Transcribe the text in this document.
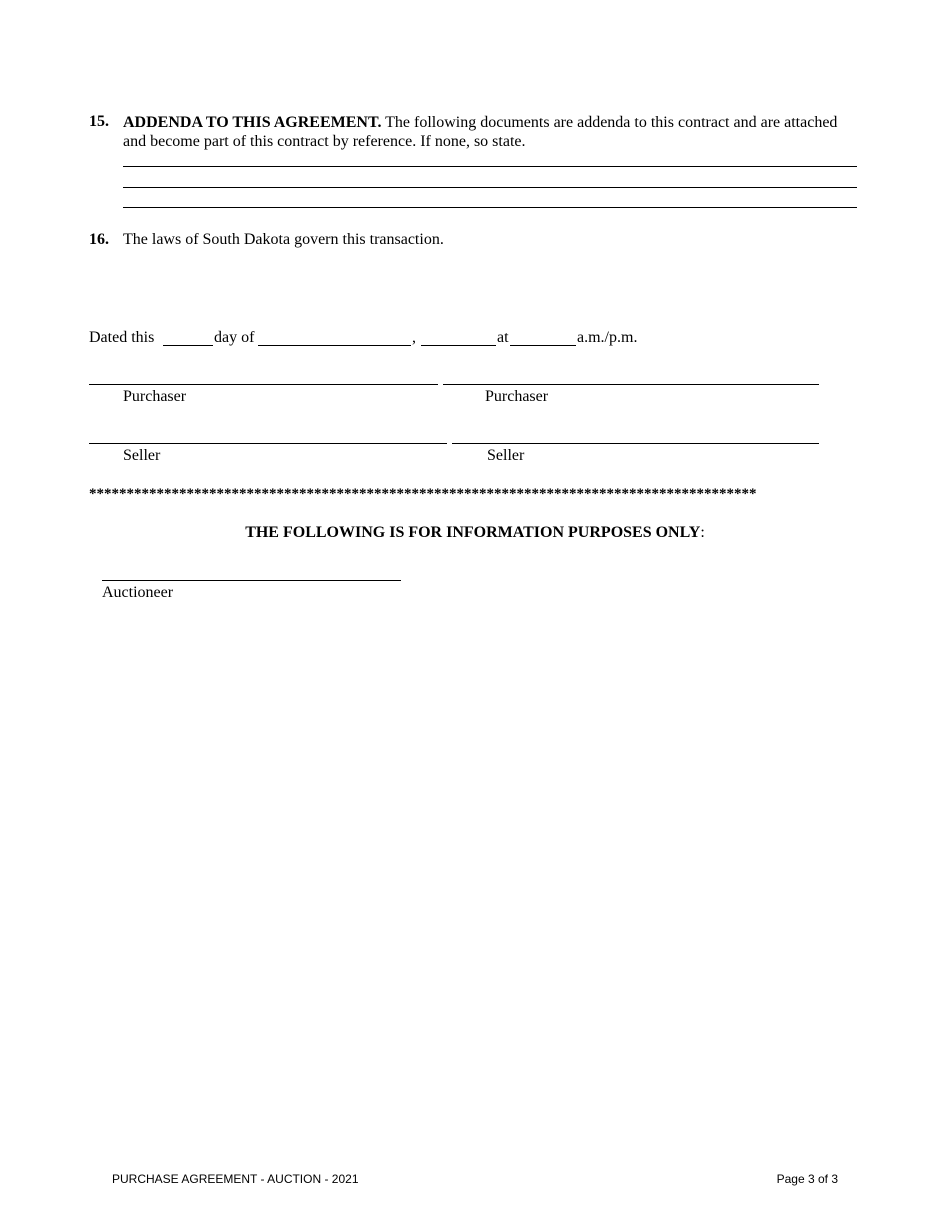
15. ADDENDA TO THIS AGREEMENT. The following documents are addenda to this contract and are attached and become part of this contract by reference. If none, so state.
16. The laws of South Dakota govern this transaction.
Dated this	day of	,	at	a.m./p.m.
Purchaser	Purchaser
Seller	Seller
*****************************************************************************************
THE FOLLOWING IS FOR INFORMATION PURPOSES ONLY:
Auctioneer
PURCHASE AGREEMENT - AUCTION - 2021	Page 3 of 3
